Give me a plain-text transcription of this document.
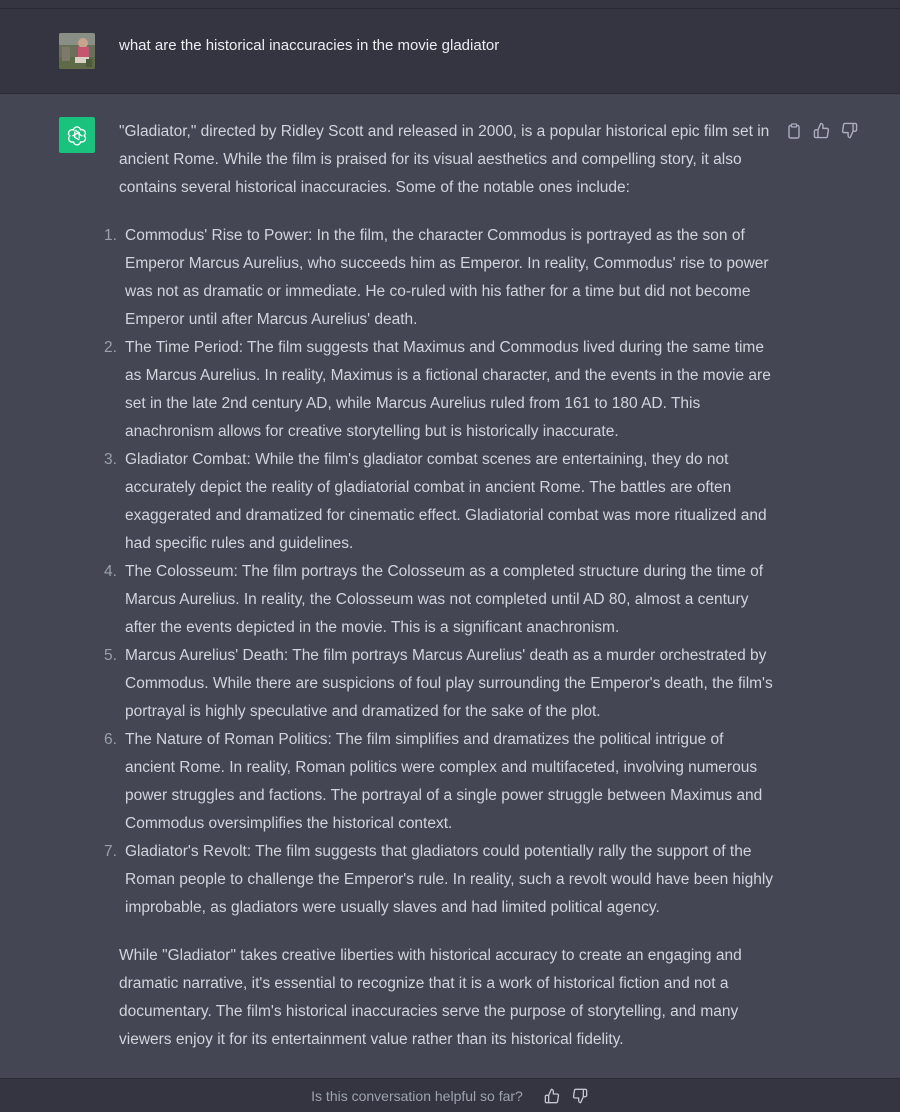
what are the historical inaccuracies in the movie gladiator

"Gladiator," directed by Ridley Scott and released in 2000, is a popular historical epic film set in ancient Rome. While the film is praised for its visual aesthetics and compelling story, it also contains several historical inaccuracies. Some of the notable ones include:

1. Commodus' Rise to Power: In the film, the character Commodus is portrayed as the son of Emperor Marcus Aurelius, who succeeds him as Emperor. In reality, Commodus' rise to power was not as dramatic or immediate. He co-ruled with his father for a time but did not become Emperor until after Marcus Aurelius' death.
2. The Time Period: The film suggests that Maximus and Commodus lived during the same time as Marcus Aurelius. In reality, Maximus is a fictional character, and the events in the movie are set in the late 2nd century AD, while Marcus Aurelius ruled from 161 to 180 AD. This anachronism allows for creative storytelling but is historically inaccurate.
3. Gladiator Combat: While the film's gladiator combat scenes are entertaining, they do not accurately depict the reality of gladiatorial combat in ancient Rome. The battles are often exaggerated and dramatized for cinematic effect. Gladiatorial combat was more ritualized and had specific rules and guidelines.
4. The Colosseum: The film portrays the Colosseum as a completed structure during the time of Marcus Aurelius. In reality, the Colosseum was not completed until AD 80, almost a century after the events depicted in the movie. This is a significant anachronism.
5. Marcus Aurelius' Death: The film portrays Marcus Aurelius' death as a murder orchestrated by Commodus. While there are suspicions of foul play surrounding the Emperor's death, the film's portrayal is highly speculative and dramatized for the sake of the plot.
6. The Nature of Roman Politics: The film simplifies and dramatizes the political intrigue of ancient Rome. In reality, Roman politics were complex and multifaceted, involving numerous power struggles and factions. The portrayal of a single power struggle between Maximus and Commodus oversimplifies the historical context.
7. Gladiator's Revolt: The film suggests that gladiators could potentially rally the support of the Roman people to challenge the Emperor's rule. In reality, such a revolt would have been highly improbable, as gladiators were usually slaves and had limited political agency.

While "Gladiator" takes creative liberties with historical accuracy to create an engaging and dramatic narrative, it's essential to recognize that it is a work of historical fiction and not a documentary. The film's historical inaccuracies serve the purpose of storytelling, and many viewers enjoy it for its entertainment value rather than its historical fidelity.

Is this conversation helpful so far?
